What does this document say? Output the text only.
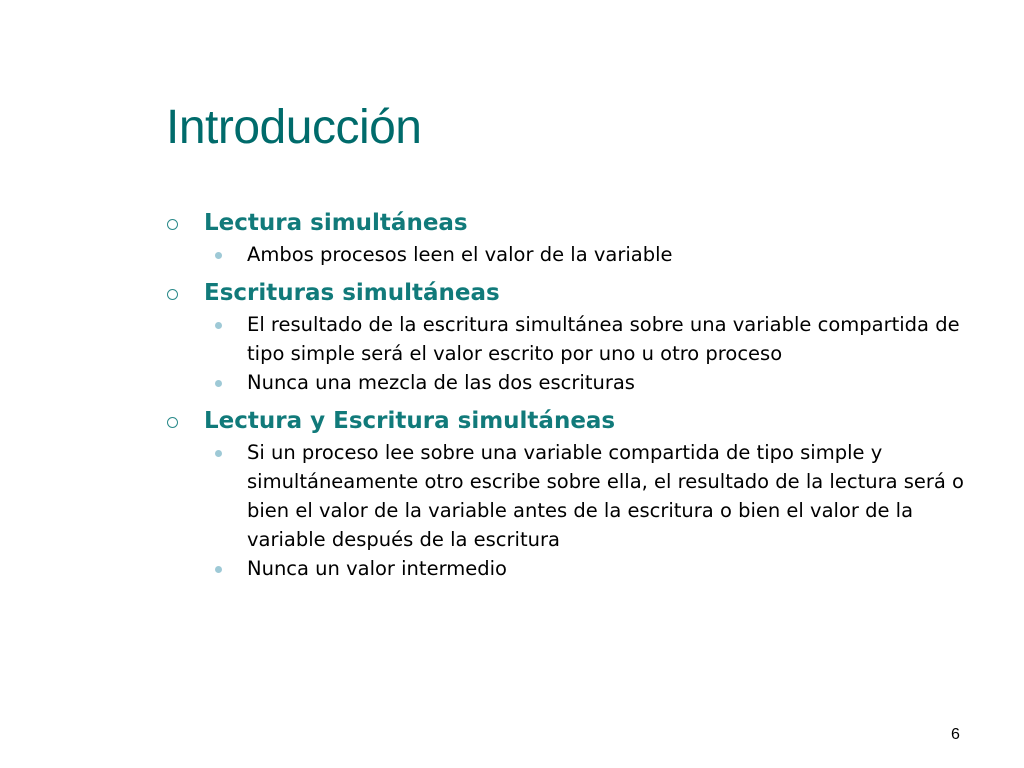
Introducción
Lectura simultáneas
Ambos procesos leen el valor de la variable
Escrituras simultáneas
El resultado de la escritura simultánea sobre una variable compartida de tipo simple será el valor escrito por uno u otro proceso
Nunca una mezcla de las dos escrituras
Lectura y Escritura simultáneas
Si un proceso lee sobre una variable compartida de tipo simple y simultáneamente otro escribe sobre ella, el resultado de la lectura será o bien el valor de la variable antes de la escritura o bien el valor de la variable después de la escritura
Nunca un valor intermedio
6
